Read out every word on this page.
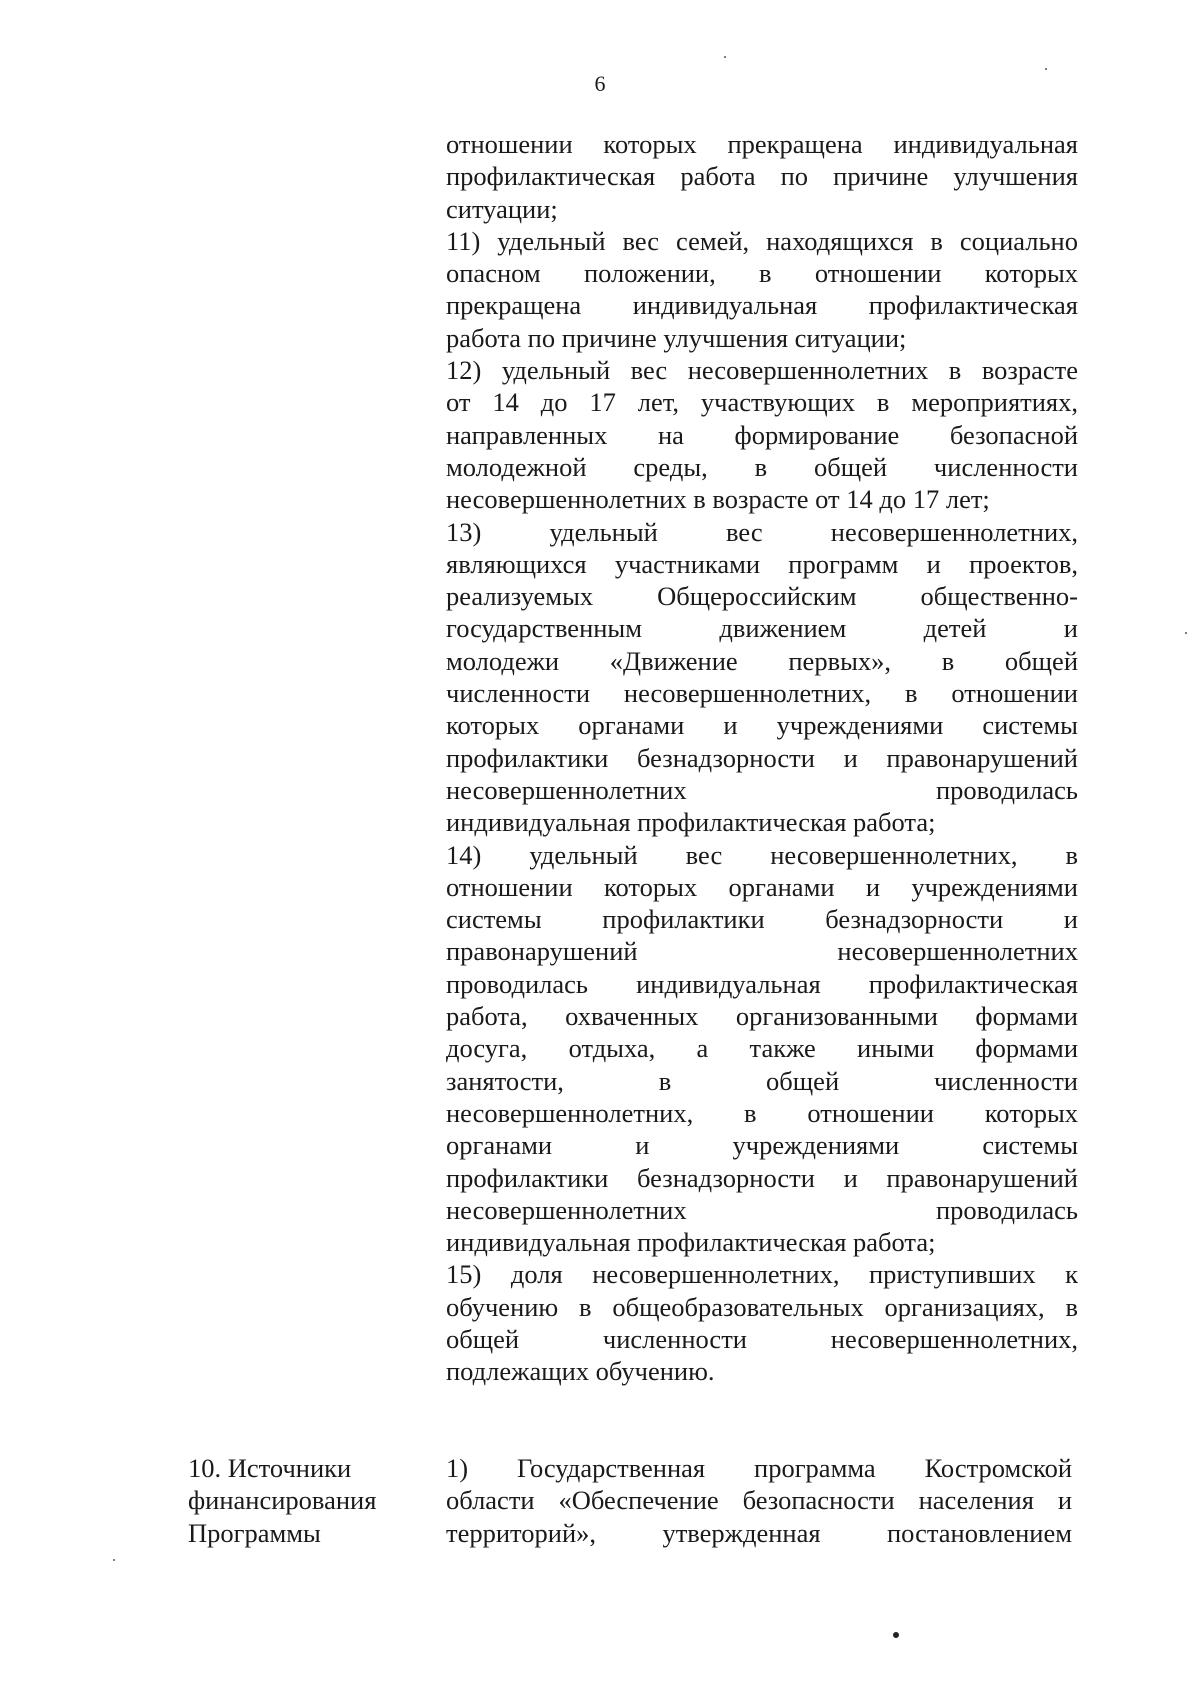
6
отношении которых прекращена индивидуальная
профилактическая работа по причине улучшения
ситуации;
11) удельный вес семей, находящихся в социально
опасном положении, в отношении которых
прекращена индивидуальная профилактическая
работа по причине улучшения ситуации;
12) удельный вес несовершеннолетних в возрасте
от 14 до 17 лет, участвующих в мероприятиях,
направленных на формирование безопасной
молодежной среды, в общей численности
несовершеннолетних в возрасте от 14 до 17 лет;
13) удельный вес несовершеннолетних,
являющихся участниками программ и проектов,
реализуемых Общероссийским общественно-
государственным движением детей и
молодежи «Движение первых», в общей
численности несовершеннолетних, в отношении
которых органами и учреждениями системы
профилактики безнадзорности и правонарушений
несовершеннолетних проводилась
индивидуальная профилактическая работа;
14) удельный вес несовершеннолетних, в
отношении которых органами и учреждениями
системы профилактики безнадзорности и
правонарушений несовершеннолетних
проводилась индивидуальная профилактическая
работа, охваченных организованными формами
досуга, отдыха, а также иными формами
занятости, в общей численности
несовершеннолетних, в отношении которых
органами и учреждениями системы
профилактики безнадзорности и правонарушений
несовершеннолетних проводилась
индивидуальная профилактическая работа;
15) доля несовершеннолетних, приступивших к
обучению в общеобразовательных организациях, в
общей численности несовершеннолетних,
подлежащих обучению.
10. Источники
финансирования
Программы
1) Государственная программа Костромской
области «Обеспечение безопасности населения и
территорий», утвержденная постановлением
